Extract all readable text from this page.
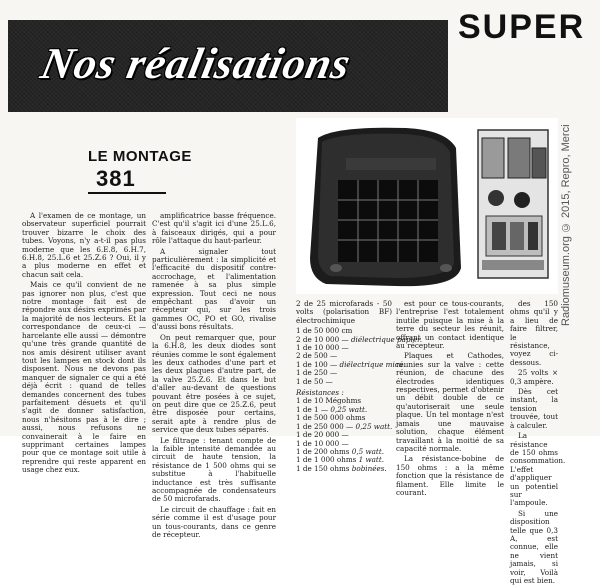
Nos réalisations
SUPER
Radiomuseum.org © 2015, Repro, Merci
LE MONTAGE
381

A l'examen de ce montage, un observateur superficiel pourrait trouver bizarre le choix des tubes. Voyons, n'y a-t-il pas plus moderne que les 6.E.8, 6.H.7, 6.H.8, 25.L.6 et 25.Z.6 ? Oui, il y a plus moderne en effet et chacun sait cela.

Mais ce qu'il convient de ne pas ignorer non plus, c'est que notre montage fait est de répondre aux désirs exprimés par la majorité de nos lecteurs. Et la correspondance de ceux-ci — harcelante elle aussi — démontre qu'une très grande quantité de nos amis désirent utiliser avant tout les lampes en stock dont ils disposent. Nous ne devons pas manquer de signaler ce qui a été déjà écrit : quand de telles demandes concernent des tubes parfaitement désuets et qu'il s'agit de donner satisfaction, nous n'hésitons pas à le dire ; aussi, nous refusons ne convainerait à le faire en supprimant certaines lampes pour que ce montage soit utile à reprendre qui reste apparent en usage chez eux.

amplificatrice basse fréquence. C'est qu'il s'agit ici d'une 25.L.6, à faisceaux dirigés, qui a pour rôle l'attaque du haut-parleur.

A signaler tout particulièrement : la simplicité et l'efficacité du dispositif contre-accrochage, et l'alimentation ramenée à sa plus simple expression. Tout ceci ne nous empêchant pas d'avoir un récepteur qui, sur les trois gammes OC, PO et GO, rivalise d'aussi bons résultats.

On peut remarquer que, pour la 6.H.8, les deux diodes sont réunies comme le sont également les deux cathodes d'une part et les deux plaques d'autre part, de la valve 25.Z.6. Et dans le but d'aller au-devant de questions pouvant être posées à ce sujet, on peut dire que ce 25.Z.6, peut être disposée pour certains, serait apte à rendre plus de service que deux tubes séparés.

Le filtrage : tenant compte de la faible intensité demandée au circuit de haute tension, la résistance de 1 500 ohms qui se substitue à l'habituelle inductance est très suffisante accompagnée de condensateurs de 50 microfarads.

Le circuit de chauffage : fait en série comme il est d'usage pour un tous-courants, dans ce genre de récepteur.

2 de 25 microfarads - 50 volts (polarisation BF) électrochimique
1 de 50 000 cm
2 de 10 000 — diélectrique papier.
1 de 10 000 —
2 de 500 —
1 de 100 — diélectrique mica.
1 de 250 —
1 de 50 —
Résistances :
1 de 10 Mégohms
1 de 1 — 0,25 watt.
1 de 500 000 ohms
1 de 250 000 — 0,25 watt.
1 de 20 000 —
1 de 10 000 —
1 de 200 ohms 0,5 watt.
1 de 1 000 ohms 1 watt.
1 de 150 ohms bobinées.

est pour ce tous-courants, l'entreprise l'est totalement inutile puisque la mise à la terre du secteur les réunit, offrant un contact identique au récepteur.

Plaques et Cathodes, réunies sur la valve : cette réunion, de chacune des électrodes identiques respectives, permet d'obtenir un débit double de ce qu'autoriserait une seule plaque. Un tel montage n'est jamais une mauvaise solution, chaque élément travaillant à la moitié de sa capacité normale.

La résistance-bobine de 150 ohms : a la même fonction que la résistance de filament. Elle limite le courant.

des 150 ohms qu'il y a lieu de faire filtrer, le résistance, voyez ci-dessous.

25 volts × 0,3 ampère.

Dès cet instant, la tension trouvée, tout à calculer.

La résistance de 150 ohms consommation. L'effet d'appliquer un potentiel sur l'ampoule.

Si une disposition telle que 0,3 A, est connue, elle ne vient jamais, si voir, Voilà qui est bien.
